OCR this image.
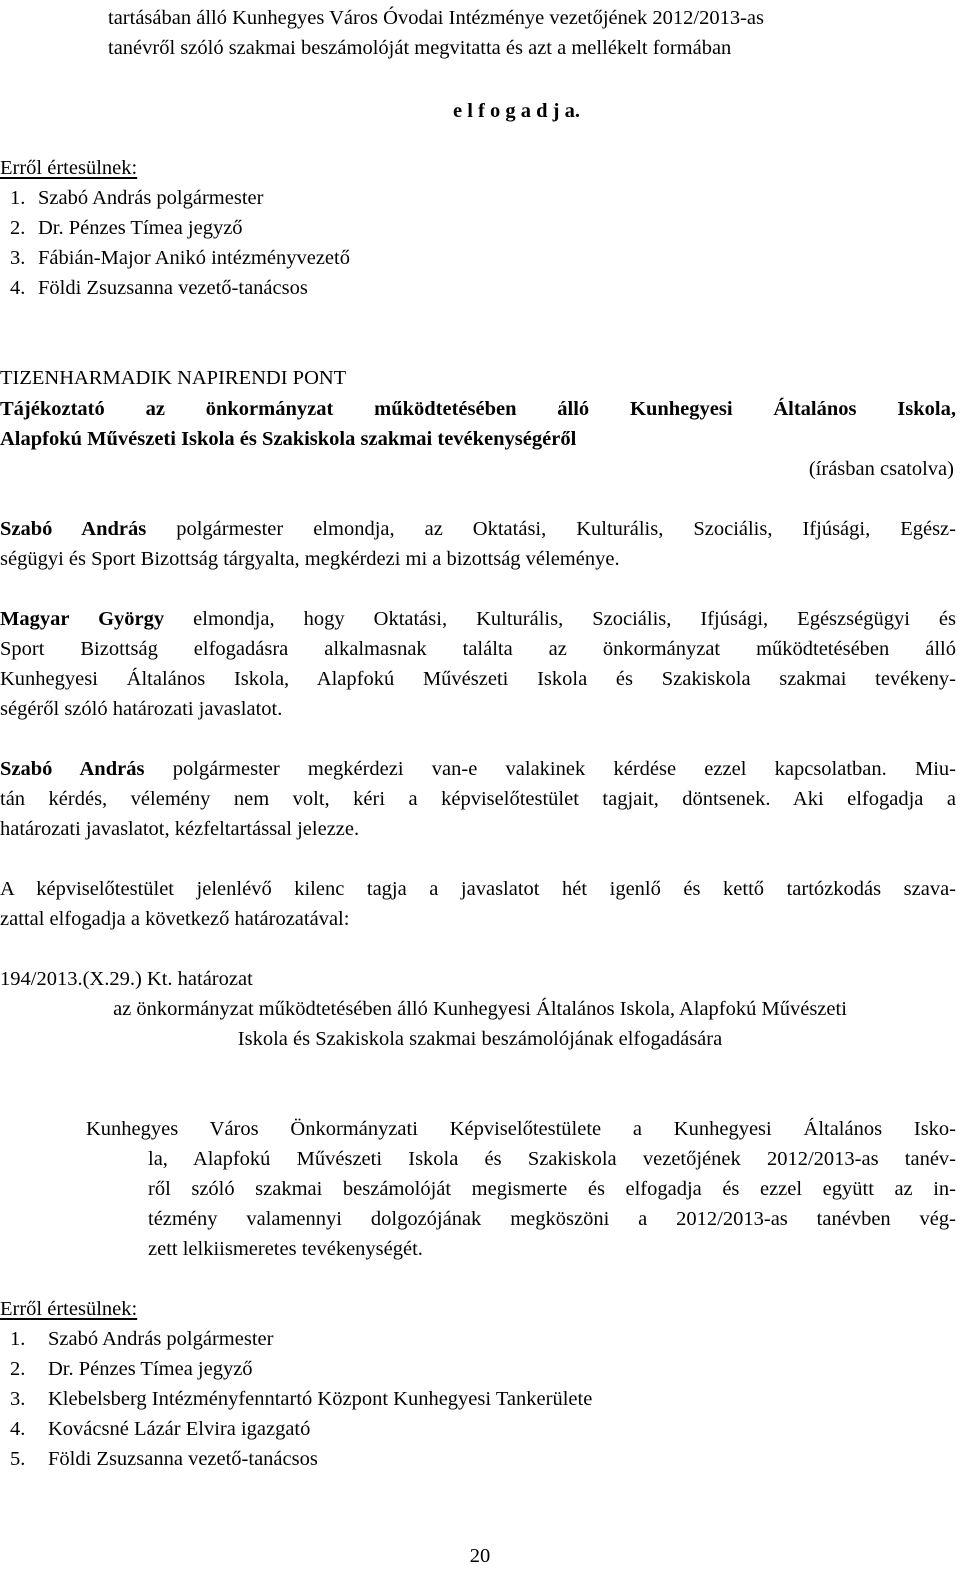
tartásában álló Kunhegyes Város Óvodai Intézménye vezetőjének 2012/2013-as
tanévről szóló szakmai beszámolóját megvitatta és azt a mellékelt formában
e l f o g a d j a.
Erről értesülnek:
1. Szabó András polgármester
2. Dr. Pénzes Tímea jegyző
3. Fábián-Major Anikó intézményvezető
4. Földi Zsuzsanna vezető-tanácsos
TIZENHARMADIK NAPIRENDI PONT
Tájékoztató az önkormányzat működtetésében álló Kunhegyesi Általános Iskola,
Alapfokú Művészeti Iskola és Szakiskola szakmai tevékenységéről
(írásban csatolva)
Szabó András polgármester elmondja, az Oktatási, Kulturális, Szociális, Ifjúsági, Egész-
ségügyi és Sport Bizottság tárgyalta, megkérdezi mi a bizottság véleménye.
Magyar György elmondja, hogy Oktatási, Kulturális, Szociális, Ifjúsági, Egészségügyi és
Sport Bizottság elfogadásra alkalmasnak találta az önkormányzat működtetésében álló
Kunhegyesi Általános Iskola, Alapfokú Művészeti Iskola és Szakiskola szakmai tevékeny-
ségéről szóló határozati javaslatot.
Szabó András polgármester megkérdezi van-e valakinek kérdése ezzel kapcsolatban. Miu-
tán kérdés, vélemény nem volt, kéri a képviselőtestület tagjait, döntsenek. Aki elfogadja a
határozati javaslatot, kézfeltartással jelezze.
A képviselőtestület jelenlévő kilenc tagja a javaslatot hét igenlő és kettő tartózkodás szava-
zattal elfogadja a következő határozatával:
194/2013.(X.29.) Kt. határozat
az önkormányzat működtetésében álló Kunhegyesi Általános Iskola, Alapfokú Művészeti
Iskola és Szakiskola szakmai beszámolójának elfogadására
Kunhegyes Város Önkormányzati Képviselőtestülete a Kunhegyesi Általános Isko-
la, Alapfokú Művészeti Iskola és Szakiskola vezetőjének 2012/2013-as tanév-
ről szóló szakmai beszámolóját megismerte és elfogadja és ezzel együtt az in-
tézmény valamennyi dolgozójának megköszöni a 2012/2013-as tanévben vég-
zett lelkiismeretes tevékenységét.
Erről értesülnek:
1. Szabó András polgármester
2. Dr. Pénzes Tímea jegyző
3. Klebelsberg Intézményfenntartó Központ Kunhegyesi Tankerülete
4. Kovácsné Lázár Elvira igazgató
5. Földi Zsuzsanna vezető-tanácsos
20
